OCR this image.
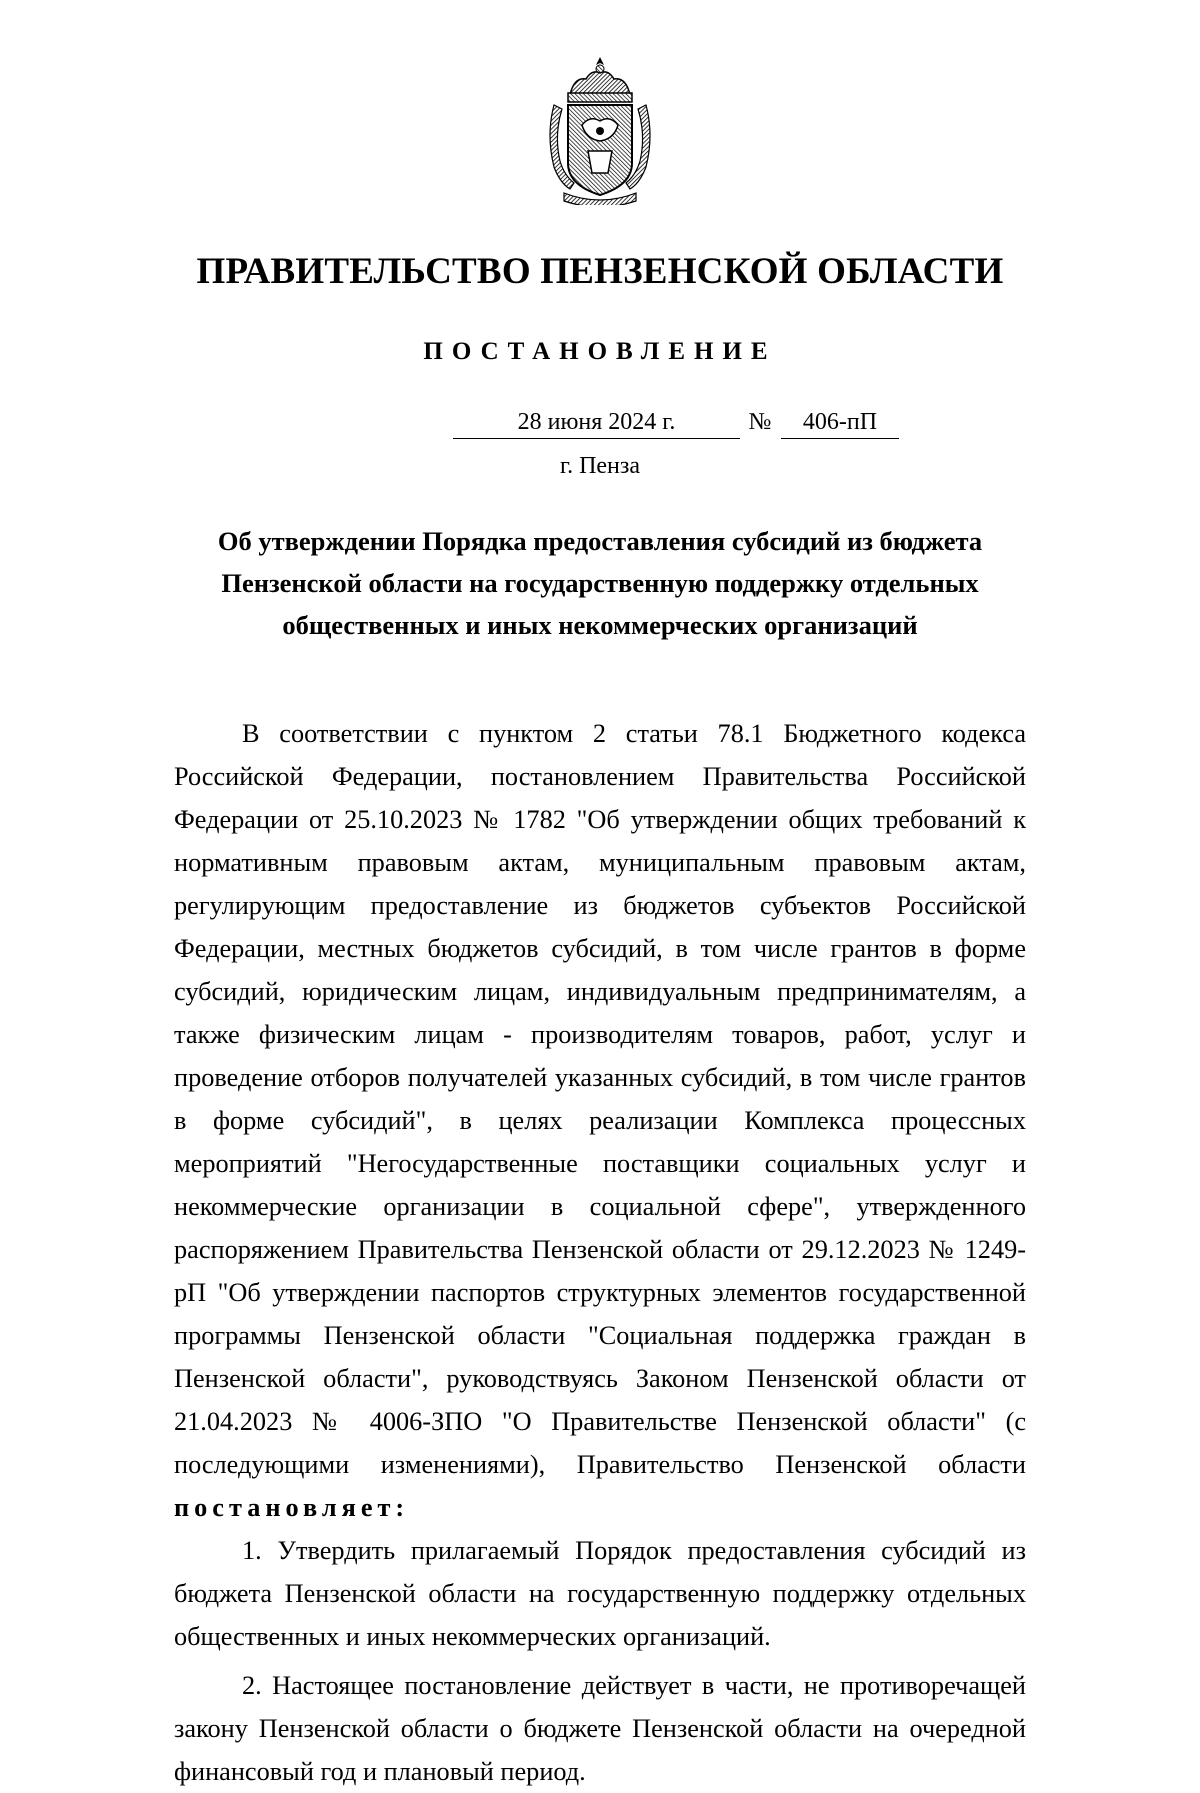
ПРАВИТЕЛЬСТВО ПЕНЗЕНСКОЙ ОБЛАСТИ
ПОСТАНОВЛЕНИЕ
28 июня 2024 г.	№	406-пП
г. Пенза
Об утверждении Порядка предоставления субсидий из бюджета Пензенской области на государственную поддержку отдельных общественных и иных некоммерческих организаций

В соответствии с пунктом 2 статьи 78.1 Бюджетного кодекса Российской Федерации, постановлением Правительства Российской Федерации от 25.10.2023 № 1782 "Об утверждении общих требований к нормативным правовым актам, муниципальным правовым актам, регулирующим предоставление из бюджетов субъектов Российской Федерации, местных бюджетов субсидий, в том числе грантов в форме субсидий, юридическим лицам, индивидуальным предпринимателям, а также физическим лицам - производителям товаров, работ, услуг и проведение отборов получателей указанных субсидий, в том числе грантов в форме субсидий", в целях реализации Комплекса процессных мероприятий "Негосударственные поставщики социальных услуг и некоммерческие организации в социальной сфере", утвержденного распоряжением Правительства Пензенской области от 29.12.2023 № 1249-рП "Об утверждении паспортов структурных элементов государственной программы Пензенской области "Социальная поддержка граждан в Пензенской области", руководствуясь Законом Пензенской области от 21.04.2023 № 4006-ЗПО "О Правительстве Пензенской области" (с последующими изменениями), Правительство Пензенской области постановляет:

1. Утвердить прилагаемый Порядок предоставления субсидий из бюджета Пензенской области на государственную поддержку отдельных общественных и иных некоммерческих организаций.

2. Настоящее постановление действует в части, не противоречащей закону Пензенской области о бюджете Пензенской области на очередной финансовый год и плановый период.
